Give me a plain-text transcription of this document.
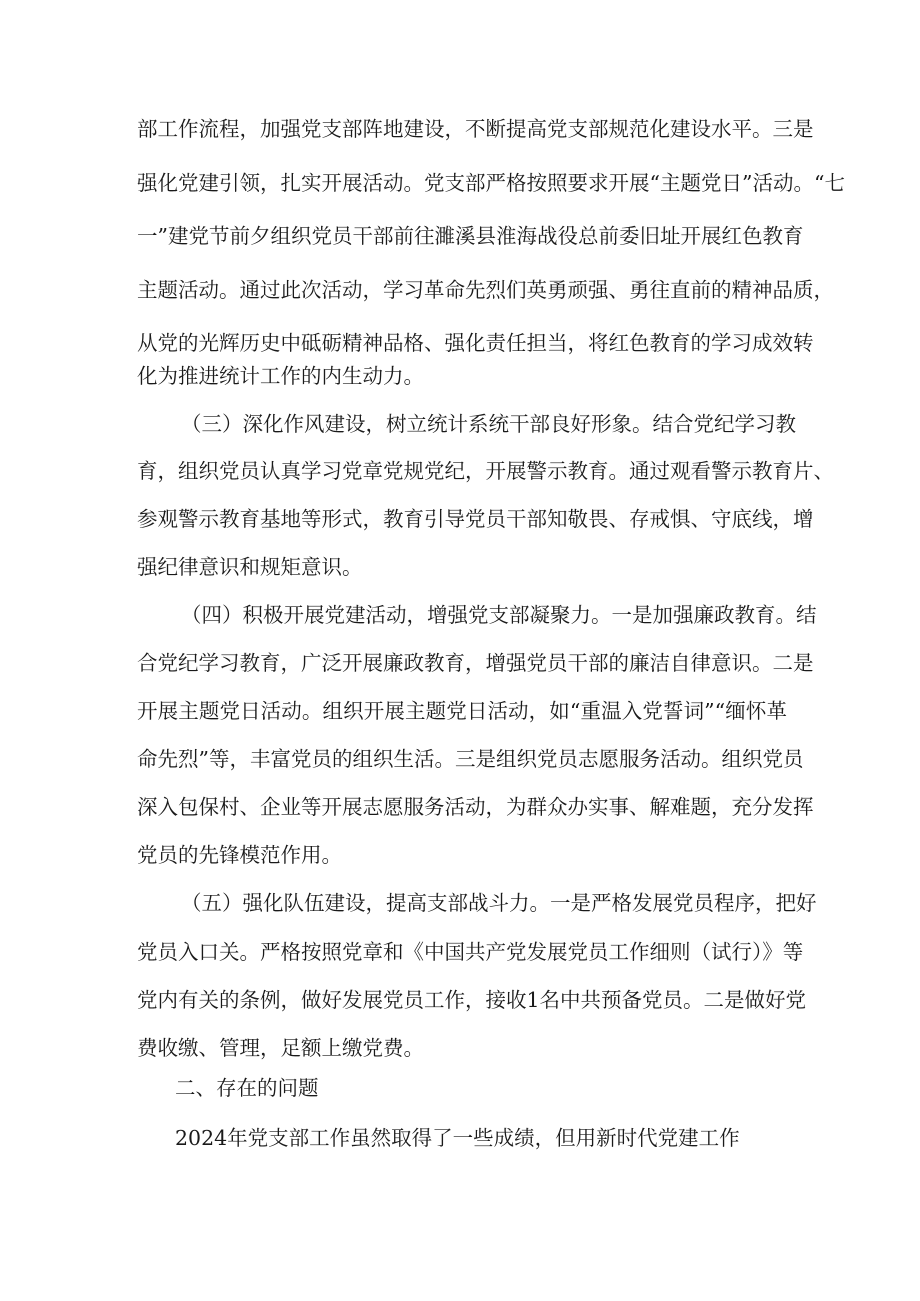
部工作流程，加强党支部阵地建设，不断提高党支部规范化建设水平。三是

强化党建引领，扎实开展活动。党支部严格按照要求开展“主题党日”活动。“七

一”建党节前夕组织党员干部前往濉溪县淮海战役总前委旧址开展红色教育

主题活动。通过此次活动，学习革命先烈们英勇顽强、勇往直前的精神品质，

从党的光辉历史中砥砺精神品格、强化责任担当，将红色教育的学习成效转

化为推进统计工作的内生动力。

（三）深化作风建设，树立统计系统干部良好形象。结合党纪学习教

育，组织党员认真学习党章党规党纪，开展警示教育。通过观看警示教育片、

参观警示教育基地等形式，教育引导党员干部知敬畏、存戒惧、守底线，增

强纪律意识和规矩意识。

（四）积极开展党建活动，增强党支部凝聚力。一是加强廉政教育。结

合党纪学习教育，广泛开展廉政教育，增强党员干部的廉洁自律意识。二是

开展主题党日活动。组织开展主题党日活动，如“重温入党誓词”“缅怀革

命先烈”等，丰富党员的组织生活。三是组织党员志愿服务活动。组织党员

深入包保村、企业等开展志愿服务活动，为群众办实事、解难题，充分发挥

党员的先锋模范作用。

（五）强化队伍建设，提高支部战斗力。一是严格发展党员程序，把好

党员入口关。严格按照党章和《中国共产党发展党员工作细则（试行）》等

党内有关的条例，做好发展党员工作，接收1名中共预备党员。二是做好党

费收缴、管理，足额上缴党费。

二、存在的问题

2024年党支部工作虽然取得了一些成绩，但用新时代党建工作
